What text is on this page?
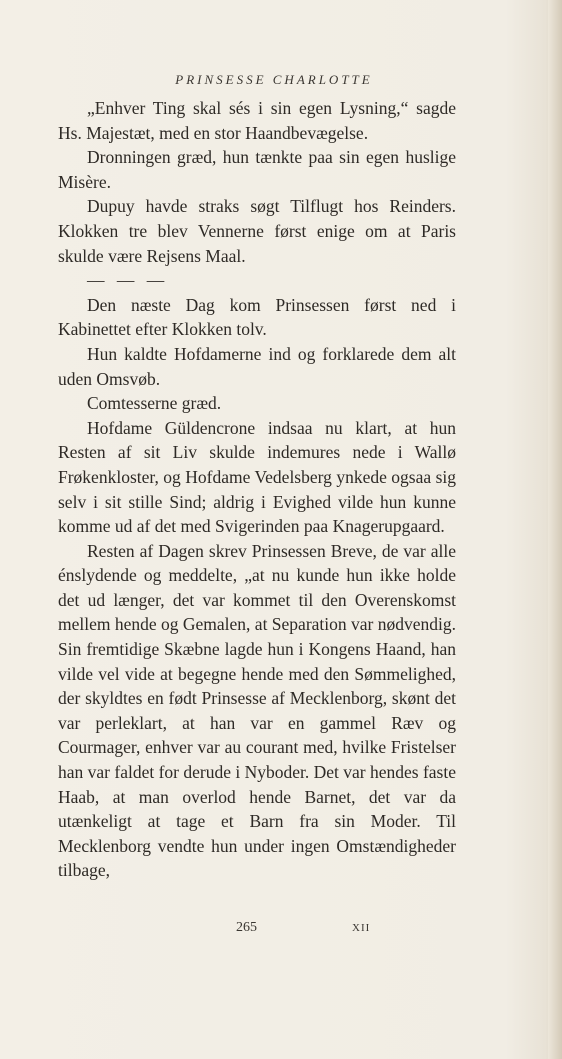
PRINSESSE CHARLOTTE

„Enhver Ting skal sés i sin egen Lysning,“ sagde Hs. Majestæt, med en stor Haandbevægelse.

Dronningen græd, hun tænkte paa sin egen huslige Misère.

Dupuy havde straks søgt Tilflugt hos Reinders. Klokken tre blev Vennerne først enige om at Paris skulde være Rejsens Maal.

— — —

Den næste Dag kom Prinsessen først ned i Kabinettet efter Klokken tolv.

Hun kaldte Hofdamerne ind og forklarede dem alt uden Omsvøb.

Comtesserne græd.

Hofdame Güldencrone indsaa nu klart, at hun Resten af sit Liv skulde indemures nede i Wallø Frøkenkloster, og Hofdame Vedelsberg ynkede ogsaa sig selv i sit stille Sind; aldrig i Evighed vilde hun kunne komme ud af det med Svigerinden paa Knagerupgaard.

Resten af Dagen skrev Prinsessen Breve, de var alle énslydende og meddelte, „at nu kunde hun ikke holde det ud længer, det var kommet til den Overenskomst mellem hende og Gemalen, at Separation var nødvendig. Sin fremtidige Skæbne lagde hun i Kongens Haand, han vilde vel vide at begegne hende med den Sømmelighed, der skyldtes en født Prinsesse af Mecklenborg, skønt det var perleklart, at han var en gammel Ræv og Courmager, enhver var au courant med, hvilke Fristelser han var faldet for derude i Nyboder. Det var hendes faste Haab, at man overlod hende Barnet, det var da utænkeligt at tage et Barn fra sin Moder. Til Mecklenborg vendte hun under ingen Omstændigheder tilbage,

265	XII
